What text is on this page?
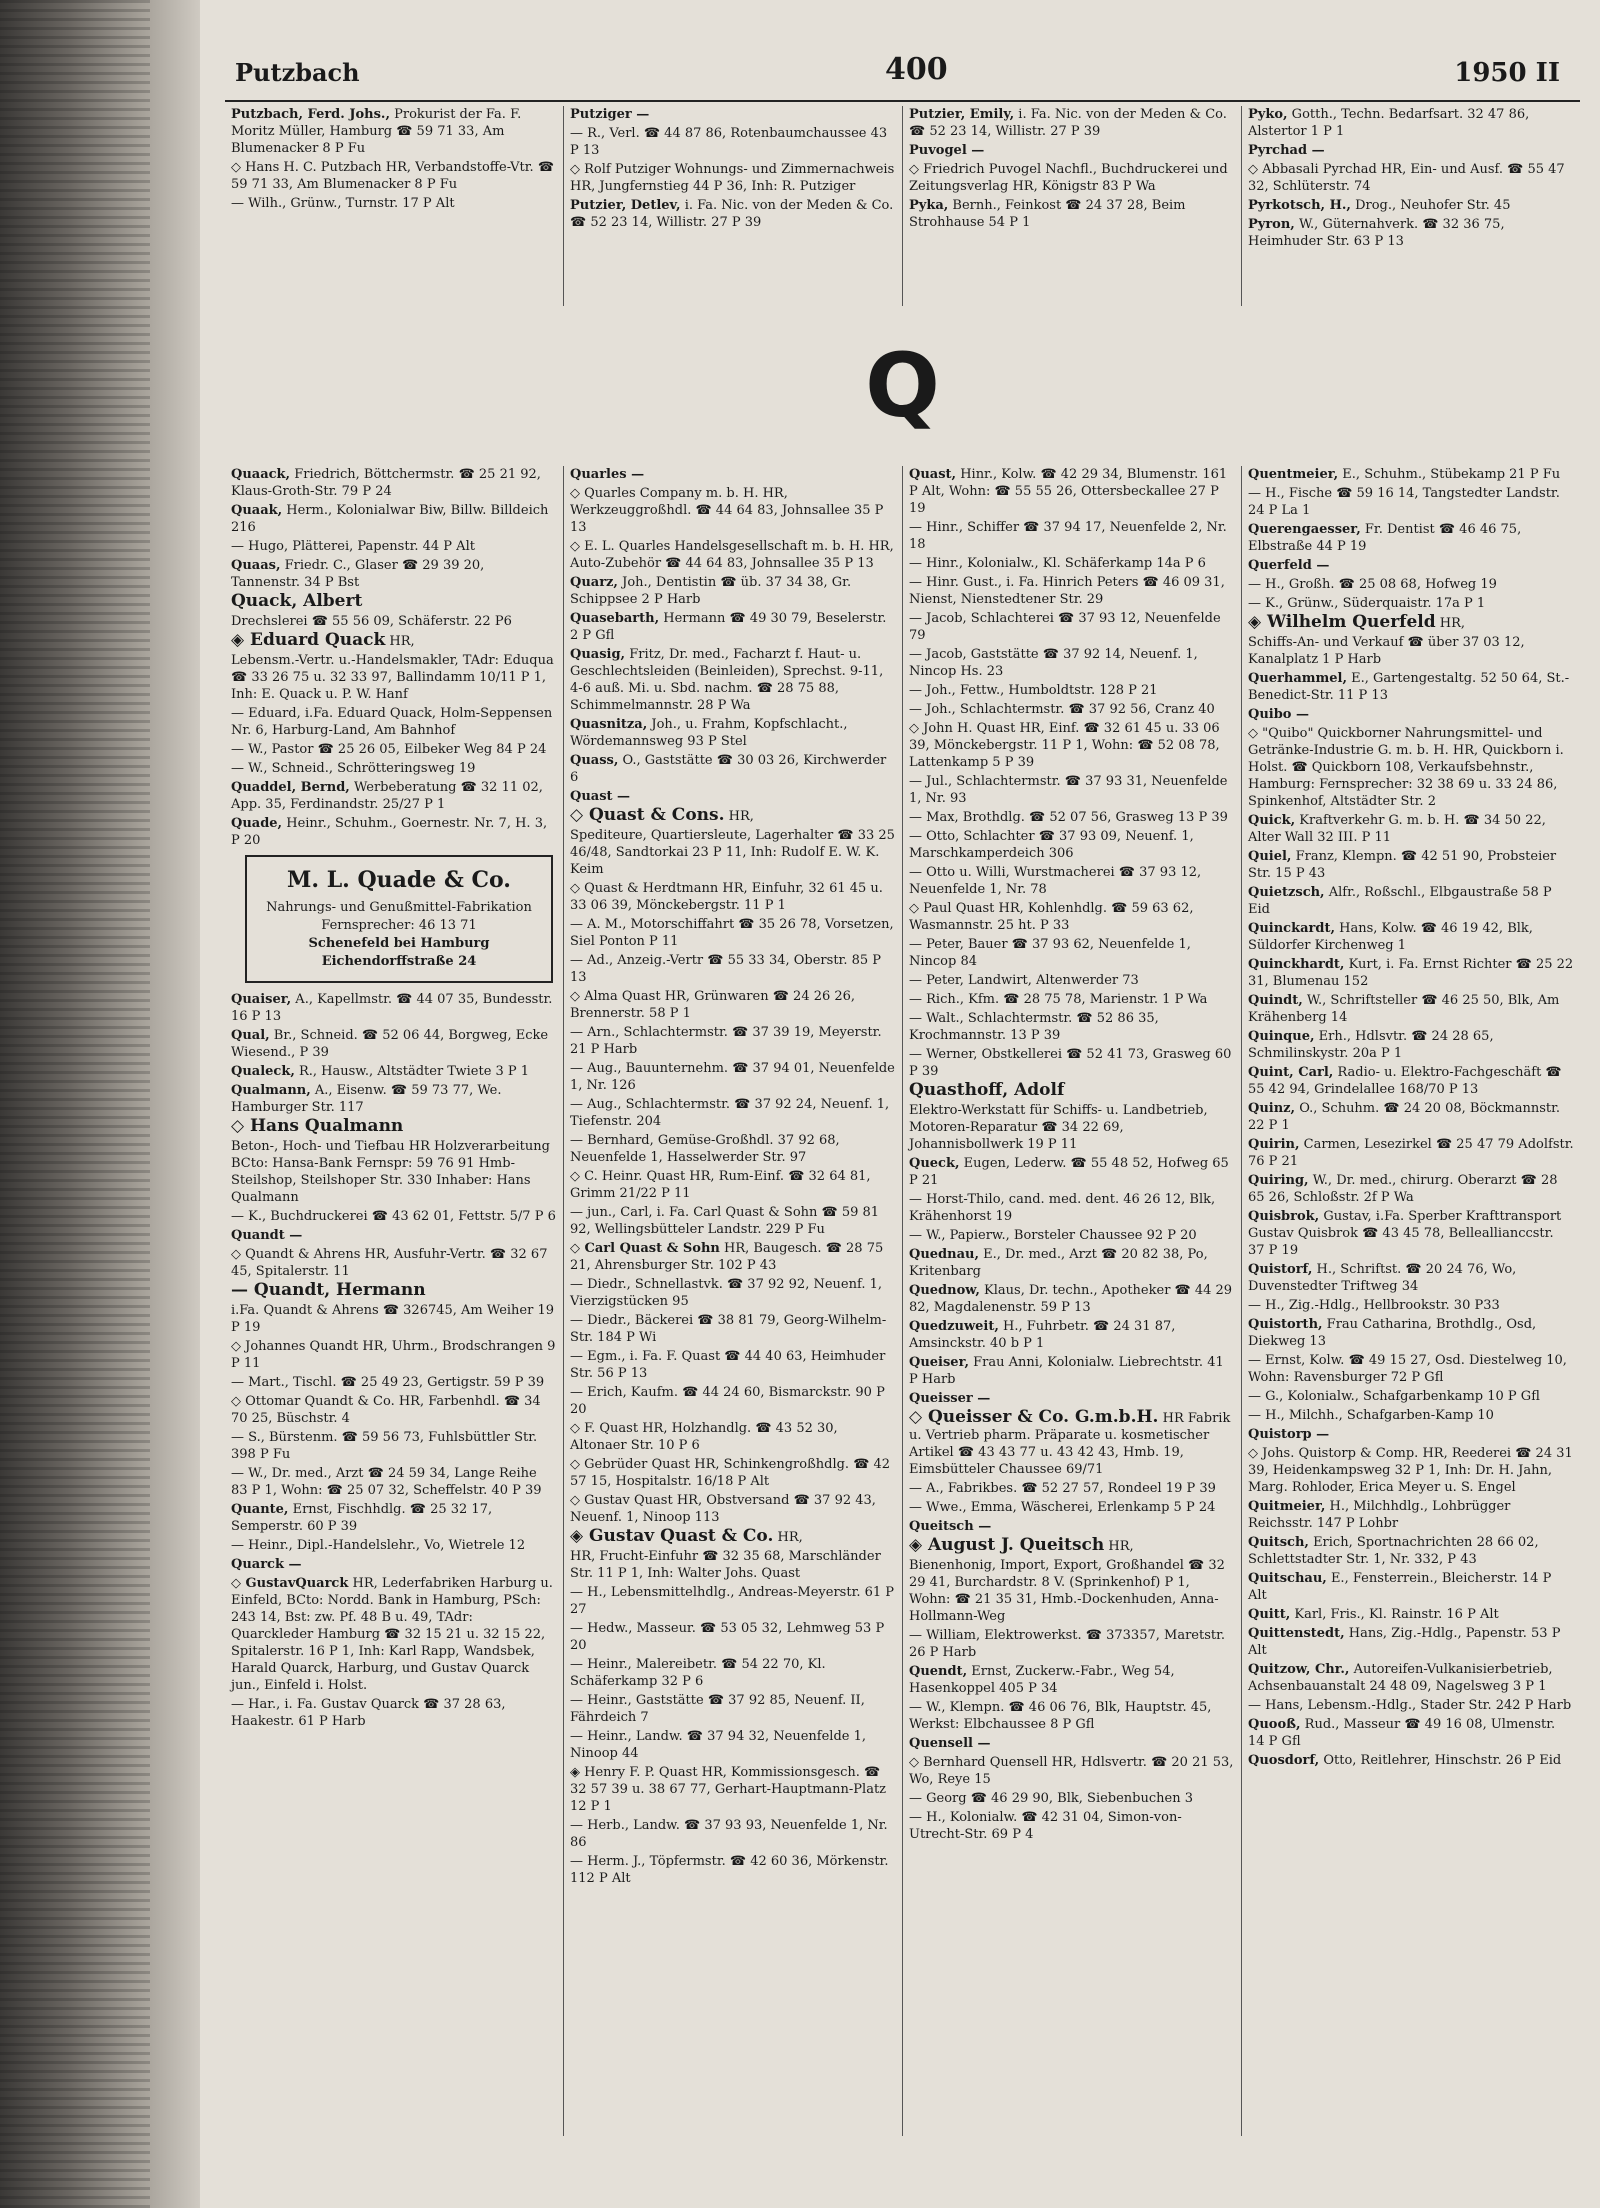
Putzbach	400	1950 II
Putzbach, Ferd. Johs., Prokurist der Fa. F. Moritz Müller, Hamburg ☎ 59 71 33, Am Blumenacker 8 P Fu
◇ Hans H. C. Putzbach HR, Verbandstoffe-Vtr. ☎ 59 71 33, Am Blumenacker 8 P Fu
— Wilh., Grünw., Turnstr. 17 P Alt
Putziger —
— R., Verl. ☎ 44 87 86, Rotenbaumchaussee 43 P 13
◇ Rolf Putziger Wohnungs- und Zimmernachweis HR, Jungfernstieg 44 P 36, Inh: R. Putziger
Putzier, Detlev, i. Fa. Nic. von der Meden & Co. ☎ 52 23 14, Willistr. 27 P 39
Putzier, Emily, i. Fa. Nic. von der Meden & Co. ☎ 52 23 14, Willistr. 27 P 39
Puvogel —
◇ Friedrich Puvogel Nachfl., Buchdruckerei und Zeitungsverlag HR, Königstr 83 P Wa
Pyka, Bernh., Feinkost ☎ 24 37 28, Beim Strohhause 54 P 1
Pyko, Gotth., Techn. Bedarfsart. 32 47 86, Alstertor 1 P 1
Pyrchad —
◇ Abbasali Pyrchad HR, Ein- und Ausf. ☎ 55 47 32, Schlüterstr. 74
Pyrkotsch, H., Drog., Neuhofer Str. 45
Pyron, W., Güternahverk. ☎ 32 36 75, Heimhuder Str. 63 P 13
Q
Quaack, Friedrich, Böttchermstr. ☎ 25 21 92, Klaus-Groth-Str. 79 P 24
Quaak, Herm., Kolonialwar Biw, Billw. Billdeich 216
— Hugo, Plätterei, Papenstr. 44 P Alt
Quaas, Friedr. C., Glaser ☎ 29 39 20, Tannenstr. 34 P Bst
Quack, Albert
Drechslerei ☎ 55 56 09, Schäferstr. 22 P6
◈ Eduard Quack HR,
Lebensm.-Vertr. u.-Handelsmakler, TAdr: Eduqua ☎ 33 26 75 u. 32 33 97, Ballindamm 10/11 P 1, Inh: E. Quack u. P. W. Hanf
— Eduard, i.Fa. Eduard Quack, Holm-Seppensen Nr. 6, Harburg-Land, Am Bahnhof
— W., Pastor ☎ 25 26 05, Eilbeker Weg 84 P 24
— W., Schneid., Schrötteringsweg 19
Quaddel, Bernd, Werbeberatung ☎ 32 11 02, App. 35, Ferdinandstr. 25/27 P 1
Quade, Heinr., Schuhm., Goernestr. Nr. 7, H. 3, P 20
M. L. Quade & Co.
Nahrungs- und Genußmittel-Fabrikation
Fernsprecher: 46 13 71
Schenefeld bei Hamburg
Eichendorffstraße 24
Quaiser, A., Kapellmstr. ☎ 44 07 35, Bundesstr. 16 P 13
Qual, Br., Schneid. ☎ 52 06 44, Borgweg, Ecke Wiesend., P 39
Qualeck, R., Hausw., Altstädter Twiete 3 P 1
Qualmann, A., Eisenw. ☎ 59 73 77, We. Hamburger Str. 117
◇ Hans Qualmann
Beton-, Hoch- und Tiefbau HR Holzverarbeitung BCto: Hansa-Bank Fernspr: 59 76 91 Hmb-Steilshop, Steilshoper Str. 330 Inhaber: Hans Qualmann
— K., Buchdruckerei ☎ 43 62 01, Fettstr. 5/7 P 6
Quandt —
◇ Quandt & Ahrens HR, Ausfuhr-Vertr. ☎ 32 67 45, Spitalerstr. 11
— Quandt, Hermann
i.Fa. Quandt & Ahrens ☎ 326745, Am Weiher 19 P 19
◇ Johannes Quandt HR, Uhrm., Brodschrangen 9 P 11
— Mart., Tischl. ☎ 25 49 23, Gertigstr. 59 P 39
◇ Ottomar Quandt & Co. HR, Farbenhdl. ☎ 34 70 25, Büschstr. 4
— S., Bürstenm. ☎ 59 56 73, Fuhlsbüttler Str. 398 P Fu
— W., Dr. med., Arzt ☎ 24 59 34, Lange Reihe 83 P 1, Wohn: ☎ 25 07 32, Scheffelstr. 40 P 39
Quante, Ernst, Fischhdlg. ☎ 25 32 17, Semperstr. 60 P 39
— Heinr., Dipl.-Handelslehr., Vo, Wietrele 12
Quarck —
◇ GustavQuarck HR, Lederfabriken Harburg u. Einfeld, BCto: Nordd. Bank in Hamburg, PSch: 243 14, Bst: zw. Pf. 48 B u. 49, TAdr: Quarckleder Hamburg ☎ 32 15 21 u. 32 15 22, Spitalerstr. 16 P 1, Inh: Karl Rapp, Wandsbek, Harald Quarck, Harburg, und Gustav Quarck jun., Einfeld i. Holst.
— Har., i. Fa. Gustav Quarck ☎ 37 28 63, Haakestr. 61 P Harb
Quarles —
◇ Quarles Company m. b. H. HR, Werkzeuggroßhdl. ☎ 44 64 83, Johnsallee 35 P 13
◇ E. L. Quarles Handelsgesellschaft m. b. H. HR, Auto-Zubehör ☎ 44 64 83, Johnsallee 35 P 13
Quarz, Joh., Dentistin ☎ üb. 37 34 38, Gr. Schippsee 2 P Harb
Quasebarth, Hermann ☎ 49 30 79, Beselerstr. 2 P Gfl
Quasig, Fritz, Dr. med., Facharzt f. Haut- u. Geschlechtsleiden (Beinleiden), Sprechst. 9-11, 4-6 auß. Mi. u. Sbd. nachm. ☎ 28 75 88, Schimmelmannstr. 28 P Wa
Quasnitza, Joh., u. Frahm, Kopfschlacht., Wördemannsweg 93 P Stel
Quass, O., Gaststätte ☎ 30 03 26, Kirchwerder 6
Quast —
◇ Quast & Cons. HR,
Spediteure, Quartiersleute, Lagerhalter ☎ 33 25 46/48, Sandtorkai 23 P 11, Inh: Rudolf E. W. K. Keim
◇ Quast & Herdtmann HR, Einfuhr, 32 61 45 u. 33 06 39, Mönckebergstr. 11 P 1
— A. M., Motorschiffahrt ☎ 35 26 78, Vorsetzen, Siel Ponton P 11
— Ad., Anzeig.-Vertr ☎ 55 33 34, Oberstr. 85 P 13
◇ Alma Quast HR, Grünwaren ☎ 24 26 26, Brennerstr. 58 P 1
— Arn., Schlachtermstr. ☎ 37 39 19, Meyerstr. 21 P Harb
— Aug., Bauunternehm. ☎ 37 94 01, Neuenfelde 1, Nr. 126
— Aug., Schlachtermstr. ☎ 37 92 24, Neuenf. 1, Tiefenstr. 204
— Bernhard, Gemüse-Großhdl. 37 92 68, Neuenfelde 1, Hasselwerder Str. 97
◇ C. Heinr. Quast HR, Rum-Einf. ☎ 32 64 81, Grimm 21/22 P 11
— jun., Carl, i. Fa. Carl Quast & Sohn ☎ 59 81 92, Wellingsbütteler Landstr. 229 P Fu
◇ Carl Quast & Sohn HR, Baugesch. ☎ 28 75 21, Ahrensburger Str. 102 P 43
— Diedr., Schnellastvk. ☎ 37 92 92, Neuenf. 1, Vierzigstücken 95
— Diedr., Bäckerei ☎ 38 81 79, Georg-Wilhelm-Str. 184 P Wi
— Egm., i. Fa. F. Quast ☎ 44 40 63, Heimhuder Str. 56 P 13
— Erich, Kaufm. ☎ 44 24 60, Bismarckstr. 90 P 20
◇ F. Quast HR, Holzhandlg. ☎ 43 52 30, Altonaer Str. 10 P 6
◇ Gebrüder Quast HR, Schinkengroßhdlg. ☎ 42 57 15, Hospitalstr. 16/18 P Alt
◇ Gustav Quast HR, Obstversand ☎ 37 92 43, Neuenf. 1, Ninoop 113
◈ Gustav Quast & Co. HR,
HR, Frucht-Einfuhr ☎ 32 35 68, Marschländer Str. 11 P 1, Inh: Walter Johs. Quast
— H., Lebensmittelhdlg., Andreas-Meyerstr. 61 P 27
— Hedw., Masseur. ☎ 53 05 32, Lehmweg 53 P 20
— Heinr., Malereibetr. ☎ 54 22 70, Kl. Schäferkamp 32 P 6
— Heinr., Gaststätte ☎ 37 92 85, Neuenf. II, Fährdeich 7
— Heinr., Landw. ☎ 37 94 32, Neuenfelde 1, Ninoop 44
◈ Henry F. P. Quast HR, Kommissionsgesch. ☎ 32 57 39 u. 38 67 77, Gerhart-Hauptmann-Platz 12 P 1
— Herb., Landw. ☎ 37 93 93, Neuenfelde 1, Nr. 86
— Herm. J., Töpfermstr. ☎ 42 60 36, Mörkenstr. 112 P Alt
Quast, Hinr., Kolw. ☎ 42 29 34, Blumenstr. 161 P Alt, Wohn: ☎ 55 55 26, Ottersbeckallee 27 P 19
— Hinr., Schiffer ☎ 37 94 17, Neuenfelde 2, Nr. 18
— Hinr., Kolonialw., Kl. Schäferkamp 14a P 6
— Hinr. Gust., i. Fa. Hinrich Peters ☎ 46 09 31, Nienst, Nienstedtener Str. 29
— Jacob, Schlachterei ☎ 37 93 12, Neuenfelde 79
— Jacob, Gaststätte ☎ 37 92 14, Neuenf. 1, Nincop Hs. 23
— Joh., Fettw., Humboldtstr. 128 P 21
— Joh., Schlachtermstr. ☎ 37 92 56, Cranz 40
◇ John H. Quast HR, Einf. ☎ 32 61 45 u. 33 06 39, Mönckebergstr. 11 P 1, Wohn: ☎ 52 08 78, Lattenkamp 5 P 39
— Jul., Schlachtermstr. ☎ 37 93 31, Neuenfelde 1, Nr. 93
— Max, Brothdlg. ☎ 52 07 56, Grasweg 13 P 39
— Otto, Schlachter ☎ 37 93 09, Neuenf. 1, Marschkamperdeich 306
— Otto u. Willi, Wurstmacherei ☎ 37 93 12, Neuenfelde 1, Nr. 78
◇ Paul Quast HR, Kohlenhdlg. ☎ 59 63 62, Wasmannstr. 25 ht. P 33
— Peter, Bauer ☎ 37 93 62, Neuenfelde 1, Nincop 84
— Peter, Landwirt, Altenwerder 73
— Rich., Kfm. ☎ 28 75 78, Marienstr. 1 P Wa
— Walt., Schlachtermstr. ☎ 52 86 35, Krochmannstr. 13 P 39
— Werner, Obstkellerei ☎ 52 41 73, Grasweg 60 P 39
Quasthoff, Adolf
Elektro-Werkstatt für Schiffs- u. Landbetrieb, Motoren-Reparatur ☎ 34 22 69, Johannisbollwerk 19 P 11
Queck, Eugen, Lederw. ☎ 55 48 52, Hofweg 65 P 21
— Horst-Thilo, cand. med. dent. 46 26 12, Blk, Krähenhorst 19
— W., Papierw., Borsteler Chaussee 92 P 20
Quednau, E., Dr. med., Arzt ☎ 20 82 38, Po, Kritenbarg
Quednow, Klaus, Dr. techn., Apotheker ☎ 44 29 82, Magdalenenstr. 59 P 13
Quedzuweit, H., Fuhrbetr. ☎ 24 31 87, Amsinckstr. 40 b P 1
Queiser, Frau Anni, Kolonialw. Liebrechtstr. 41 P Harb
Queisser —
◇ Queisser & Co. G.m.b.H. HR Fabrik u. Vertrieb pharm. Präparate u. kosmetischer Artikel ☎ 43 43 77 u. 43 42 43, Hmb. 19, Eimsbütteler Chaussee 69/71
— A., Fabrikbes. ☎ 52 27 57, Rondeel 19 P 39
— Wwe., Emma, Wäscherei, Erlenkamp 5 P 24
Queitsch —
◈ August J. Queitsch HR,
Bienenhonig, Import, Export, Großhandel ☎ 32 29 41, Burchardstr. 8 V. (Sprinkenhof) P 1, Wohn: ☎ 21 35 31, Hmb.-Dockenhuden, Anna-Hollmann-Weg
— William, Elektrowerkst. ☎ 373357, Maretstr. 26 P Harb
Quendt, Ernst, Zuckerw.-Fabr., Weg 54, Hasenkoppel 405 P 34
— W., Klempn. ☎ 46 06 76, Blk, Hauptstr. 45, Werkst: Elbchaussee 8 P Gfl
Quensell —
◇ Bernhard Quensell HR, Hdlsvertr. ☎ 20 21 53, Wo, Reye 15
— Georg ☎ 46 29 90, Blk, Siebenbuchen 3
— H., Kolonialw. ☎ 42 31 04, Simon-von-Utrecht-Str. 69 P 4
Quentmeier, E., Schuhm., Stübekamp 21 P Fu
— H., Fische ☎ 59 16 14, Tangstedter Landstr. 24 P La 1
Querengaesser, Fr. Dentist ☎ 46 46 75, Elbstraße 44 P 19
Querfeld —
— H., Großh. ☎ 25 08 68, Hofweg 19
— K., Grünw., Süderquaistr. 17a P 1
◈ Wilhelm Querfeld HR,
Schiffs-An- und Verkauf ☎ über 37 03 12, Kanalplatz 1 P Harb
Querhammel, E., Gartengestaltg. 52 50 64, St.-Benedict-Str. 11 P 13
Quibo —
◇ "Quibo" Quickborner Nahrungsmittel- und Getränke-Industrie G. m. b. H. HR, Quickborn i. Holst. ☎ Quickborn 108, Verkaufsbehnstr., Hamburg: Fernsprecher: 32 38 69 u. 33 24 86, Spinkenhof, Altstädter Str. 2
Quick, Kraftverkehr G. m. b. H. ☎ 34 50 22, Alter Wall 32 III. P 11
Quiel, Franz, Klempn. ☎ 42 51 90, Probsteier Str. 15 P 43
Quietzsch, Alfr., Roßschl., Elbgaustraße 58 P Eid
Quinckardt, Hans, Kolw. ☎ 46 19 42, Blk, Süldorfer Kirchenweg 1
Quinckhardt, Kurt, i. Fa. Ernst Richter ☎ 25 22 31, Blumenau 152
Quindt, W., Schriftsteller ☎ 46 25 50, Blk, Am Krähenberg 14
Quinque, Erh., Hdlsvtr. ☎ 24 28 65, Schmilinskystr. 20a P 1
Quint, Carl, Radio- u. Elektro-Fachgeschäft ☎ 55 42 94, Grindelallee 168/70 P 13
Quinz, O., Schuhm. ☎ 24 20 08, Böckmannstr. 22 P 1
Quirin, Carmen, Lesezirkel ☎ 25 47 79 Adolfstr. 76 P 21
Quiring, W., Dr. med., chirurg. Oberarzt ☎ 28 65 26, Schloßstr. 2f P Wa
Quisbrok, Gustav, i.Fa. Sperber Krafttransport Gustav Quisbrok ☎ 43 45 78, Belleallianccstr. 37 P 19
Quistorf, H., Schriftst. ☎ 20 24 76, Wo, Duvenstedter Triftweg 34
— H., Zig.-Hdlg., Hellbrookstr. 30 P33
Quistorth, Frau Catharina, Brothdlg., Osd, Diekweg 13
— Ernst, Kolw. ☎ 49 15 27, Osd. Diestelweg 10, Wohn: Ravensburger 72 P Gfl
— G., Kolonialw., Schafgarbenkamp 10 P Gfl
— H., Milchh., Schafgarben-Kamp 10
Quistorp —
◇ Johs. Quistorp & Comp. HR, Reederei ☎ 24 31 39, Heidenkampsweg 32 P 1, Inh: Dr. H. Jahn, Marg. Rohloder, Erica Meyer u. S. Engel
Quitmeier, H., Milchhdlg., Lohbrügger Reichsstr. 147 P Lohbr
Quitsch, Erich, Sportnachrichten 28 66 02, Schlettstadter Str. 1, Nr. 332, P 43
Quitschau, E., Fensterrein., Bleicherstr. 14 P Alt
Quitt, Karl, Fris., Kl. Rainstr. 16 P Alt
Quittenstedt, Hans, Zig.-Hdlg., Papenstr. 53 P Alt
Quitzow, Chr., Autoreifen-Vulkanisierbetrieb, Achsenbauanstalt 24 48 09, Nagelsweg 3 P 1
— Hans, Lebensm.-Hdlg., Stader Str. 242 P Harb
Quooß, Rud., Masseur ☎ 49 16 08, Ulmenstr. 14 P Gfl
Quosdorf, Otto, Reitlehrer, Hinschstr. 26 P Eid
